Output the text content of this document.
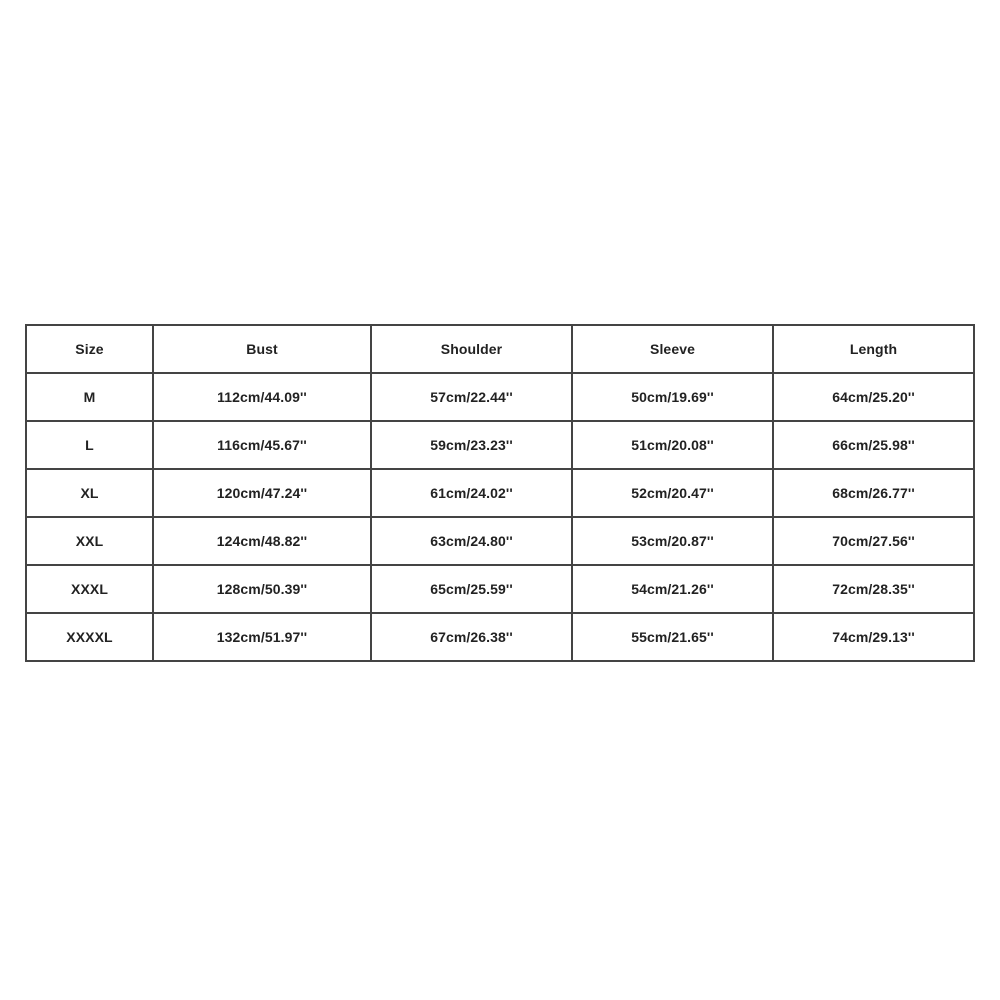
Size	Bust	Shoulder	Sleeve	Length
M	112cm/44.09''	57cm/22.44''	50cm/19.69''	64cm/25.20''
L	116cm/45.67''	59cm/23.23''	51cm/20.08''	66cm/25.98''
XL	120cm/47.24''	61cm/24.02''	52cm/20.47''	68cm/26.77''
XXL	124cm/48.82''	63cm/24.80''	53cm/20.87''	70cm/27.56''
XXXL	128cm/50.39''	65cm/25.59''	54cm/21.26''	72cm/28.35''
XXXXL	132cm/51.97''	67cm/26.38''	55cm/21.65''	74cm/29.13''
